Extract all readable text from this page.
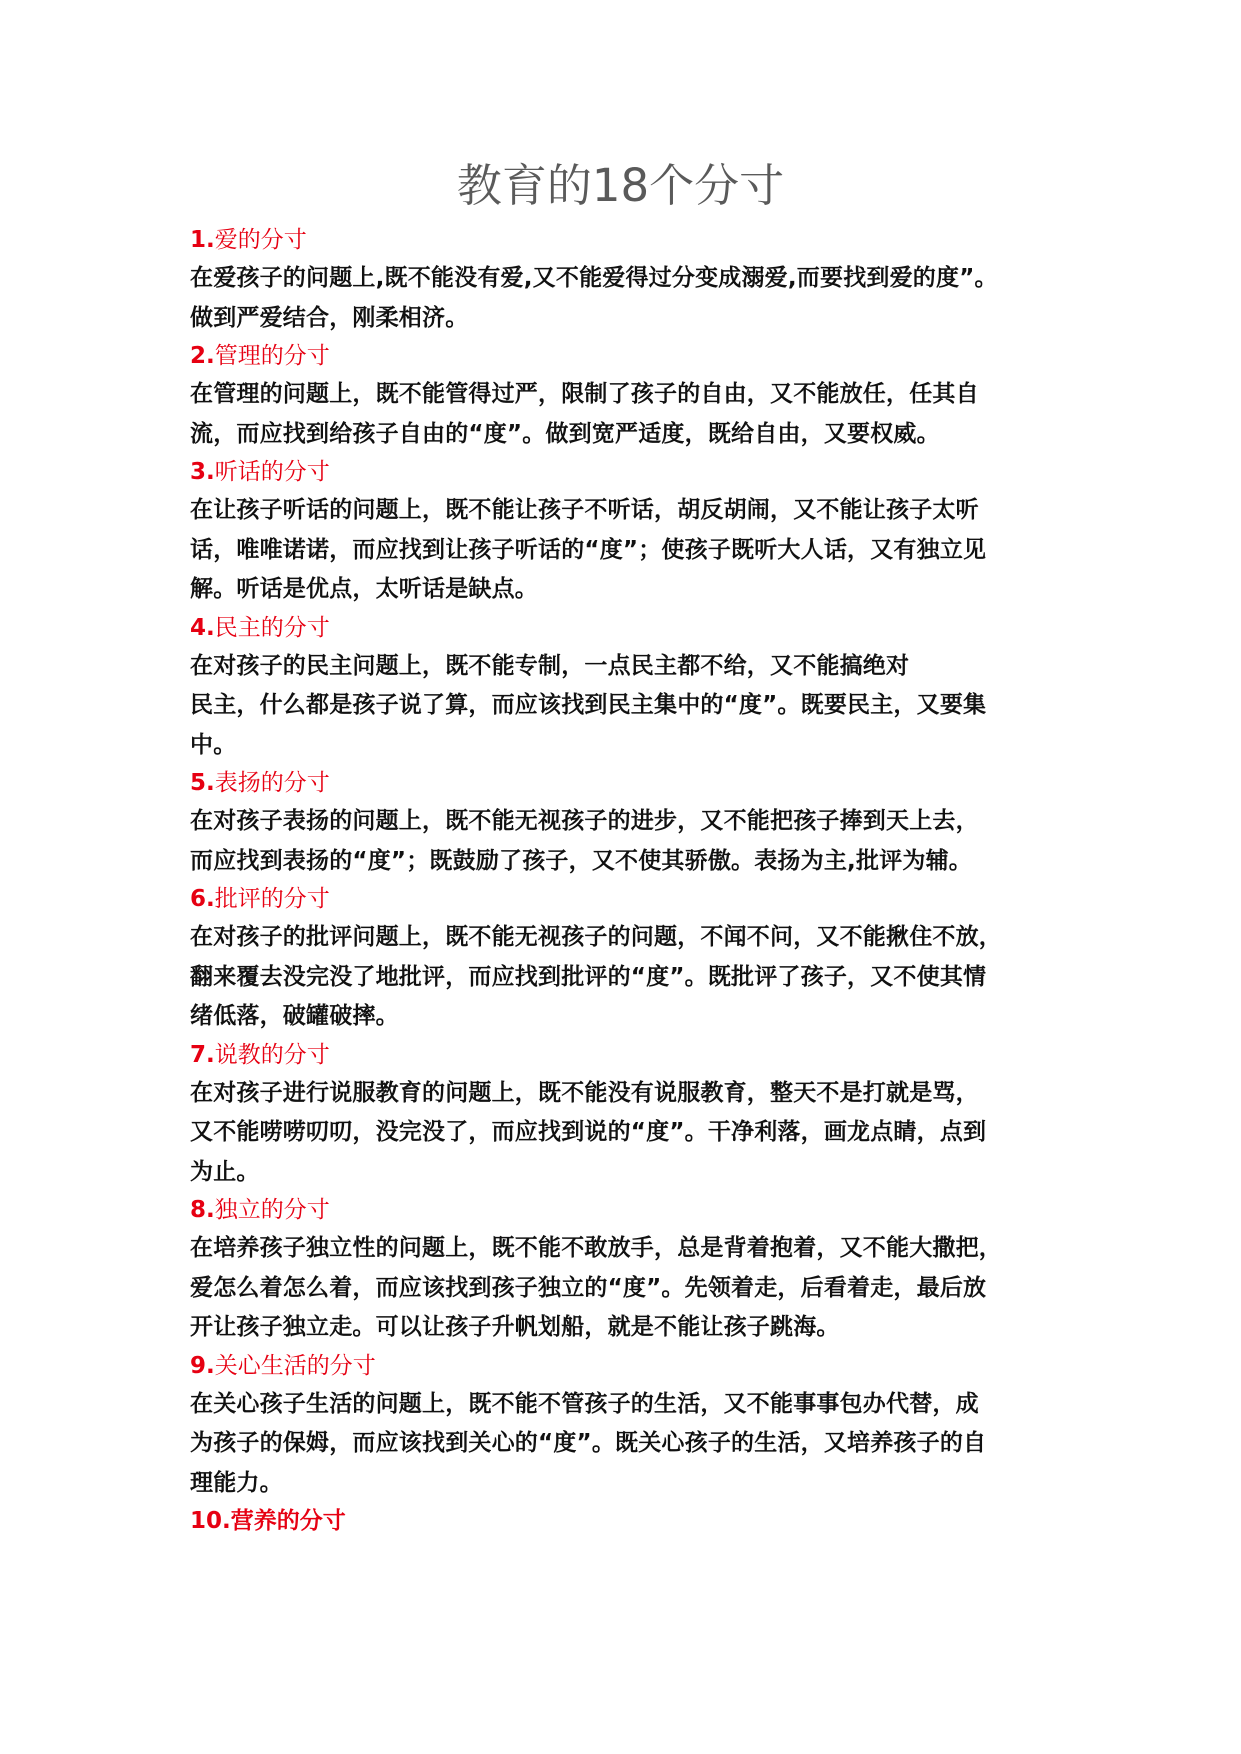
教育的18个分寸
1.爱的分寸

在爱孩子的问题上,既不能没有爱,又不能爱得过分变成溺爱,而要找到爱的度”。
做到严爱结合，刚柔相济。

2.管理的分寸

在管理的问题上，既不能管得过严，限制了孩子的自由，又不能放任，任其自
流，而应找到给孩子自由的“度”。做到宽严适度，既给自由，又要权威。

3.听话的分寸

在让孩子听话的问题上，既不能让孩子不听话，胡反胡闹，又不能让孩子太听
话，唯唯诺诺，而应找到让孩子听话的“度”；使孩子既听大人话，又有独立见
解。听话是优点，太听话是缺点。

4.民主的分寸

在对孩子的民主问题上，既不能专制，一点民主都不给，又不能搞绝对
民主，什么都是孩子说了算，而应该找到民主集中的“度”。既要民主，又要集
中。

5.表扬的分寸

在对孩子表扬的问题上，既不能无视孩子的进步，又不能把孩子捧到天上去，
而应找到表扬的“度”；既鼓励了孩子，又不使其骄傲。表扬为主,批评为辅。

6.批评的分寸

在对孩子的批评问题上，既不能无视孩子的问题，不闻不问，又不能揪住不放，
翻来覆去没完没了地批评，而应找到批评的“度”。既批评了孩子，又不使其情
绪低落，破罐破摔。

7.说教的分寸

在对孩子进行说服教育的问题上，既不能没有说服教育，整天不是打就是骂，
又不能唠唠叨叨，没完没了，而应找到说的“度”。干净利落，画龙点睛，点到
为止。

8.独立的分寸

在培养孩子独立性的问题上，既不能不敢放手，总是背着抱着，又不能大撒把，
爱怎么着怎么着，而应该找到孩子独立的“度”。先领着走，后看着走，最后放
开让孩子独立走。可以让孩子升帆划船，就是不能让孩子跳海。

9.关心生活的分寸

在关心孩子生活的问题上，既不能不管孩子的生活，又不能事事包办代替，成
为孩子的保姆，而应该找到关心的“度”。既关心孩子的生活，又培养孩子的自
理能力。

10.营养的分寸
